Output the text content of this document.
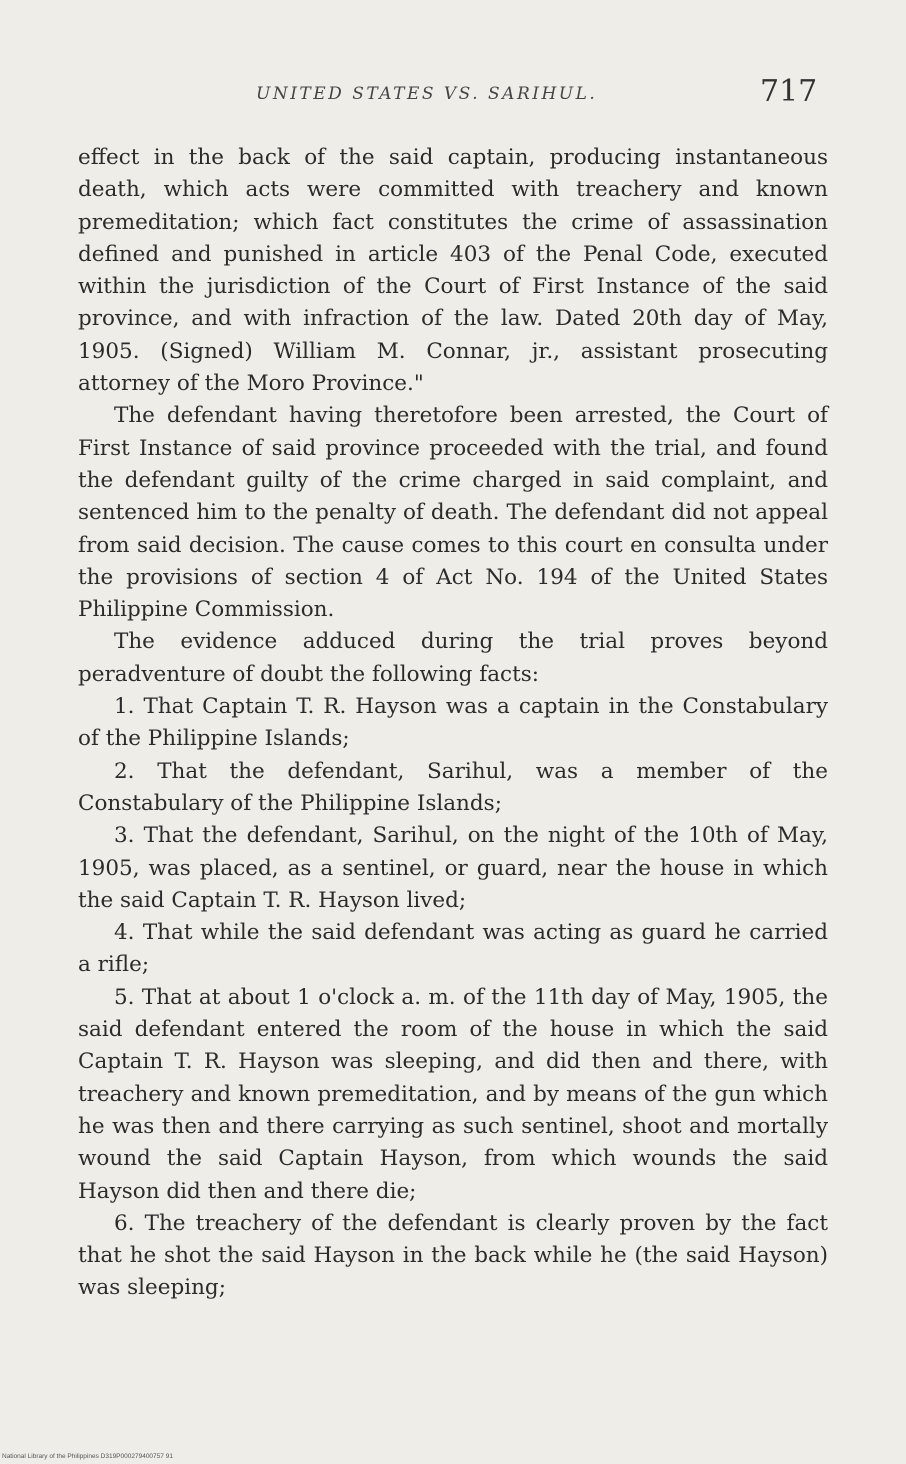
UNITED STATES VS. SARIHUL.	717

effect in the back of the said captain, producing instantaneous death, which acts were committed with treachery and known premeditation; which fact constitutes the crime of assassination defined and punished in article 403 of the Penal Code, executed within the jurisdiction of the Court of First Instance of the said province, and with infraction of the law. Dated 20th day of May, 1905. (Signed) William M. Connar, jr., assistant prosecuting attorney of the Moro Province."

The defendant having theretofore been arrested, the Court of First Instance of said province proceeded with the trial, and found the defendant guilty of the crime charged in said complaint, and sentenced him to the penalty of death. The defendant did not appeal from said decision. The cause comes to this court en consulta under the provisions of section 4 of Act No. 194 of the United States Philippine Commission.

The evidence adduced during the trial proves beyond peradventure of doubt the following facts:

1. That Captain T. R. Hayson was a captain in the Constabulary of the Philippine Islands;

2. That the defendant, Sarihul, was a member of the Constabulary of the Philippine Islands;

3. That the defendant, Sarihul, on the night of the 10th of May, 1905, was placed, as a sentinel, or guard, near the house in which the said Captain T. R. Hayson lived;

4. That while the said defendant was acting as guard he carried a rifle;

5. That at about 1 o'clock a. m. of the 11th day of May, 1905, the said defendant entered the room of the house in which the said Captain T. R. Hayson was sleeping, and did then and there, with treachery and known premeditation, and by means of the gun which he was then and there carrying as such sentinel, shoot and mortally wound the said Captain Hayson, from which wounds the said Hayson did then and there die;

6. The treachery of the defendant is clearly proven by the fact that he shot the said Hayson in the back while he (the said Hayson) was sleeping;

National Library of the Philippines D319P000279400757 91
